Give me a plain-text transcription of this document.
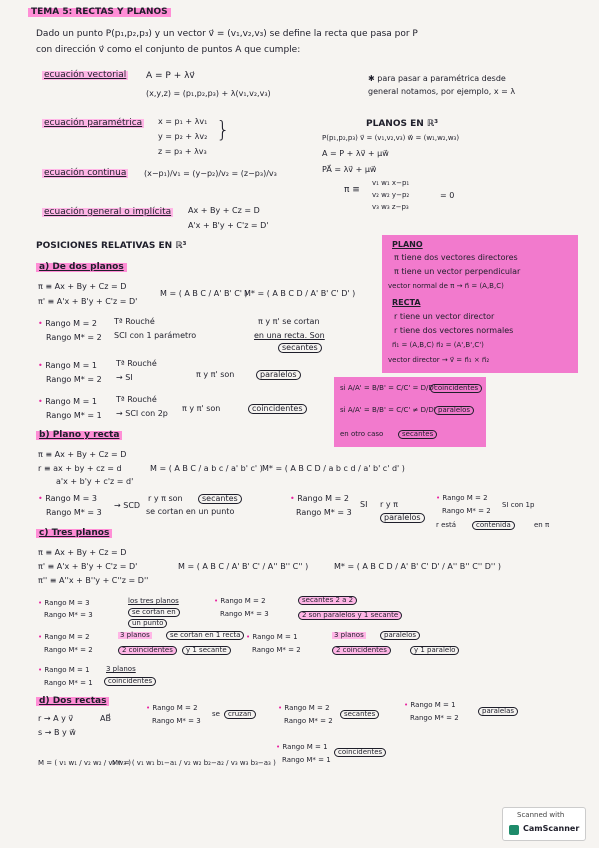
TEMA 5: RECTAS Y PLANOS
Dado un punto P(p₁,p₂,p₃) y un vector v⃗ = (v₁,v₂,v₃) se define la recta que pasa por P
con dirección v⃗ como el conjunto de puntos A que cumple:
ecuación vectorial A = P + λv⃗
(x,y,z) = (p₁,p₂,p₃) + λ(v₁,v₂,v₃)
✱ para pasar a paramétrica desde
general notamos, por ejemplo, x = λ
ecuación paramétrica x = p₁ + λv₁
y = p₂ + λv₂
z = p₃ + λv₃
}	PLANOS EN ℝ³
P(p₁,p₂,p₃) v⃗ = (v₁,v₂,v₃) w⃗ = (w₁,w₂,w₃)
A = P + λv⃗ + μw⃗
PA⃗ = λv⃗ + μw⃗
π ≡
v₁ w₁ x−p₁
v₂ w₂ y−p₂
v₃ w₃ z−p₃
= 0
ecuación continua (x−p₁)/v₁ = (y−p₂)/v₂ = (z−p₃)/v₃
ecuación general o implícita Ax + By + Cz = D
A'x + B'y + C'z = D'
POSICIONES RELATIVAS EN ℝ³
a) De dos planos
π ≡ Ax + By + Cz = D
π' ≡ A'x + B'y + C'z = D'
M = ( A B C / A' B' C' )
M* = ( A B C D / A' B' C' D' )
• Rango M = 2
Rango M* = 2
Tª Rouché
SCI con 1 parámetro
π y π' se cortan
en una recta. Son
secantes
• Rango M = 1
Rango M* = 2
Tª Rouché
→ SI	π y π' son	paralelos
• Rango M = 1
Rango M* = 1
Tª Rouché
→ SCI con 2p
π y π' son	coincidentes
PLANO
π tiene dos vectores directores
π tiene un vector perpendicular
vector normal de π → n⃗ = (A,B,C)
RECTA
r tiene un vector director
r tiene dos vectores normales
n⃗₁ = (A,B,C) n⃗₂ = (A',B',C')
vector director → v⃗ = n⃗₁ × n⃗₂
si A/A' = B/B' = C/C' = D/D'
coincidentes
si A/A' = B/B' = C/C' ≠ D/D' paralelos
en otro caso	secantes
b) Plano y recta
π ≡ Ax + By + Cz = D
r ≡ ax + by + cz = d
a'x + b'y + c'z = d'
M = ( A B C / a b c / a' b' c' ) M* = ( A B C D / a b c d / a' b' c' d' )
• Rango M = 3
Rango M* = 3
→ SCD
r y π son	secantes
se cortan en un punto
• Rango M = 2
Rango M* = 3
SI r y π
paralelos
• Rango M = 2
Rango M* = 2
SI con 1p
r está	contenida	en π
c) Tres planos
π ≡ Ax + By + Cz = D
π' ≡ A'x + B'y + C'z = D'
π'' ≡ A''x + B''y + C''z = D''
M = ( A B C / A' B' C' / A'' B'' C'' )	M* = ( A B C D / A' B' C' D' / A'' B'' C'' D'' )
• Rango M = 3
Rango M* = 3
los tres planos
se cortan en
un punto
• Rango M = 2
Rango M* = 3
secantes 2 a 2
2 son paralelos y 1 secante
• Rango M = 2
Rango M* = 2
3 planos	se cortan en 1 recta
2 coincidentes	y 1 secante
• Rango M = 1
Rango M* = 2
3 planos	paralelos
2 coincidentes	y 1 paralelo
• Rango M = 1
Rango M* = 1
3 planos
coincidentes
d) Dos rectas
r → A y v⃗
s → B y w⃗
AB⃗
M = ( v₁ w₁ / v₂ w₂ / v₃ w₃ )
M* = ( v₁ w₁ b₁−a₁ / v₂ w₂ b₂−a₂ / v₃ w₃ b₃−a₃ )
• Rango M = 2
Rango M* = 3
se	cruzan
• Rango M = 2
Rango M* = 2
secantes
• Rango M = 1
Rango M* = 2
paralelas
• Rango M = 1
Rango M* = 1
coincidentes
Scanned with
CamScanner
